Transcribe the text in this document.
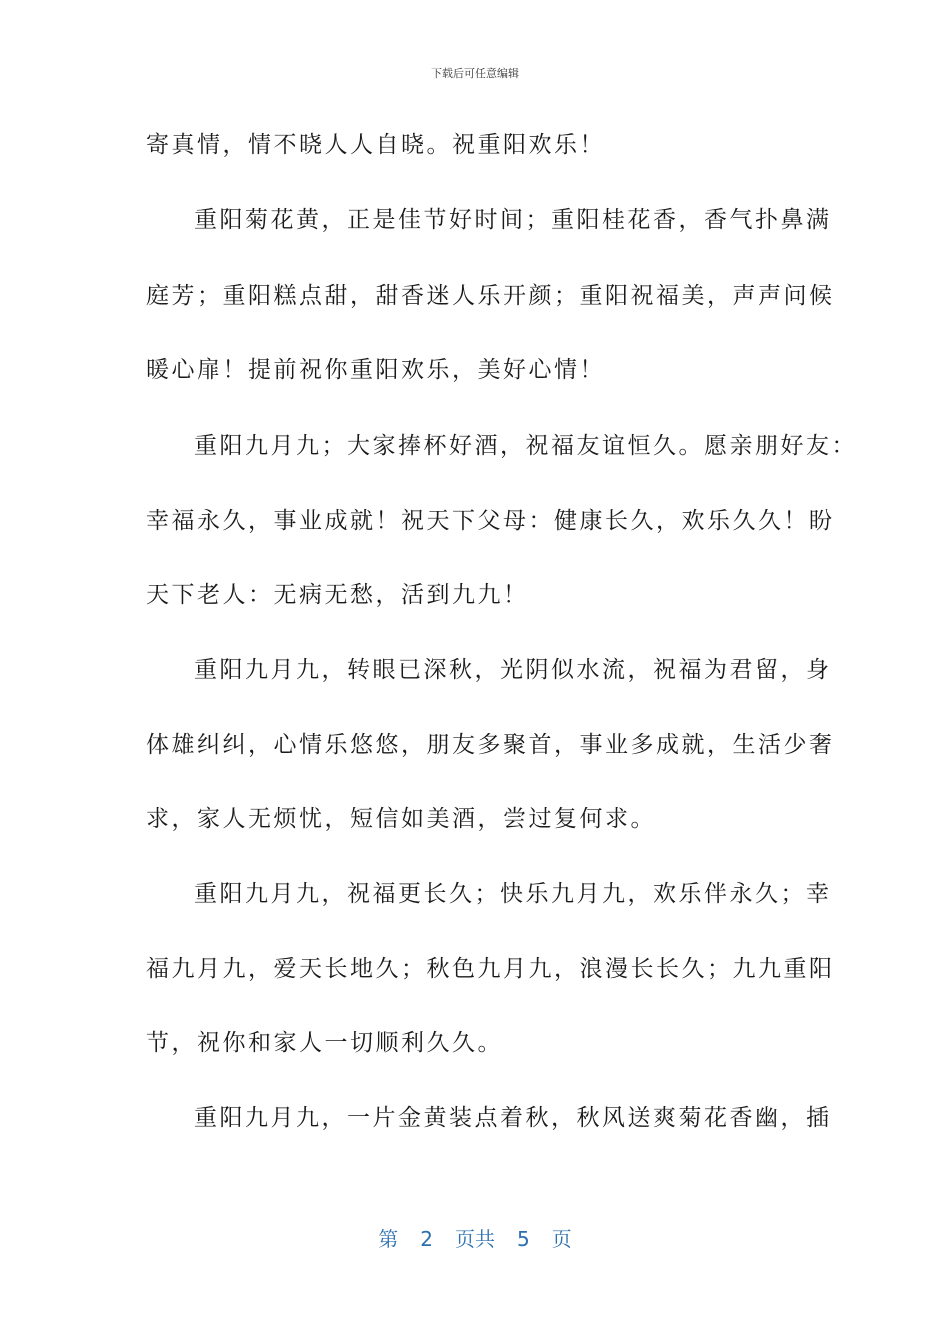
下载后可任意编辑
寄真情，情不晓人人自晓。祝重阳欢乐！
重阳菊花黄，正是佳节好时间；重阳桂花香，香气扑鼻满
庭芳；重阳糕点甜，甜香迷人乐开颜；重阳祝福美，声声问候
暖心扉！提前祝你重阳欢乐，美好心情！
重阳九月九；大家捧杯好酒，祝福友谊恒久。愿亲朋好友：
幸福永久，事业成就！祝天下父母：健康长久，欢乐久久！盼
天下老人：无病无愁，活到九九！
重阳九月九，转眼已深秋，光阴似水流，祝福为君留，身
体雄纠纠，心情乐悠悠，朋友多聚首，事业多成就，生活少奢
求，家人无烦忧，短信如美酒，尝过复何求。
重阳九月九，祝福更长久；快乐九月九，欢乐伴永久；幸
福九月九，爱天长地久；秋色九月九，浪漫长长久；九九重阳
节，祝你和家人一切顺利久久。
重阳九月九，一片金黄装点着秋，秋风送爽菊花香幽，插
第 2 页共 5 页
